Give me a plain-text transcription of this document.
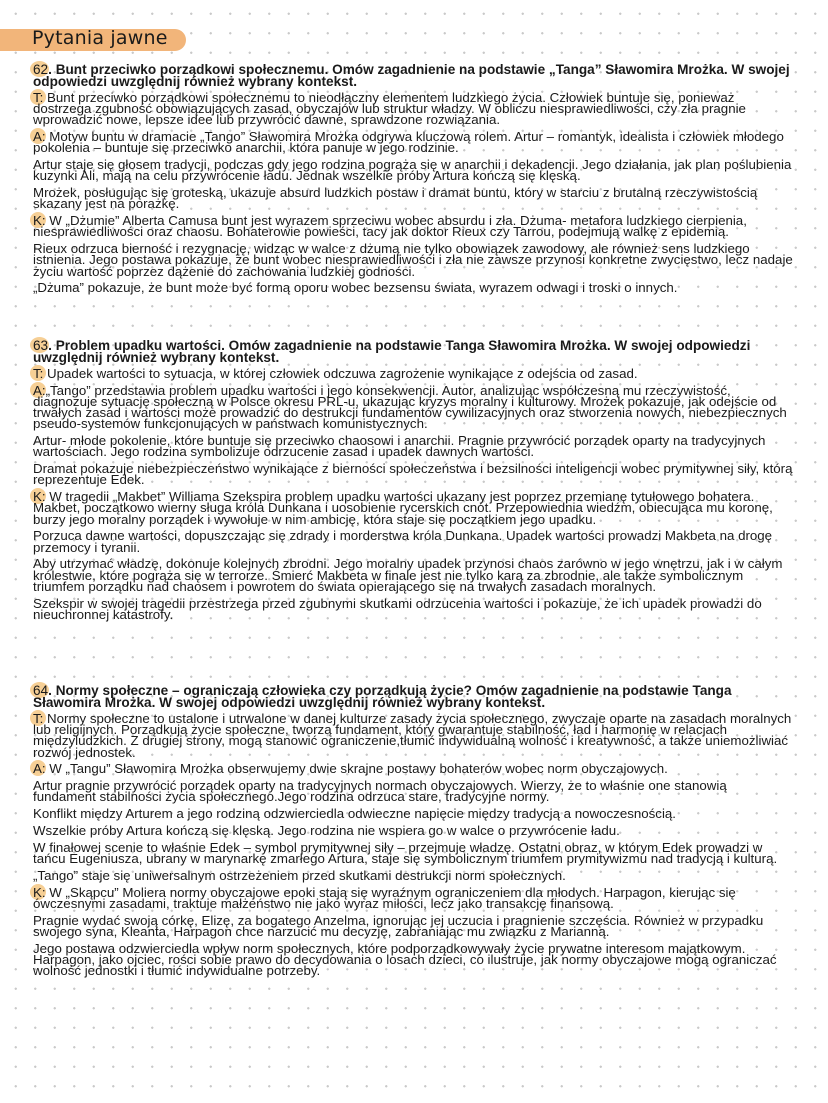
Pytania jawne

62. Bunt przeciwko porządkowi społecznemu. Omów zagadnienie na podstawie „Tanga” Sławomira Mrożka. W swojej odpowiedzi uwzględnij również wybrany kontekst.

T: Bunt przeciwko porządkowi społecznemu to nieodłączny elementem ludzkiego życia. Człowiek buntuje się, ponieważ dostrzega zgubność obowiązujących zasad, obyczajów lub struktur władzy. W obliczu niesprawiedliwości, czy zła pragnie wprowadzić nowe, lepsze idee lub przywrócić dawne, sprawdzone rozwiązania.

A: Motyw buntu w dramacie „Tango” Sławomira Mrożka odgrywa kluczową rolem. Artur – romantyk, idealista i człowiek młodego pokolenia – buntuje się przeciwko anarchii, która panuje w jego rodzinie.

Artur staje się głosem tradycji, podczas gdy jego rodzina pogrąża się w anarchii i dekadencji. Jego działania, jak plan poślubienia kuzynki Ali, mają na celu przywrócenie ładu. Jednak wszelkie próby Artura kończą się klęską.

Mrożek, posługując się groteską, ukazuje absurd ludzkich postaw i dramat buntu, który w starciu z brutalną rzeczywistością skazany jest na porażkę.

K: W „Dżumie” Alberta Camusa bunt jest wyrazem sprzeciwu wobec absurdu i zła. Dżuma- metafora ludzkiego cierpienia, niesprawiedliwości oraz chaosu. Bohaterowie powieści, tacy jak doktor Rieux czy Tarrou, podejmują walkę z epidemią.

Rieux odrzuca bierność i rezygnację, widząc w walce z dżumą nie tylko obowiązek zawodowy, ale również sens ludzkiego istnienia. Jego postawa pokazuje, że bunt wobec niesprawiedliwości i zła nie zawsze przynosi konkretne zwycięstwo, lecz nadaje życiu wartość poprzez dążenie do zachowania ludzkiej godności.

„Dżuma” pokazuje, że bunt może być formą oporu wobec bezsensu świata, wyrazem odwagi i troski o innych.

63. Problem upadku wartości. Omów zagadnienie na podstawie Tanga Sławomira Mrożka. W swojej odpowiedzi uwzględnij również wybrany kontekst.

T: Upadek wartości to sytuacja, w której człowiek odczuwa zagrożenie wynikające z odejścia od zasad.

A:„Tango” przedstawia problem upadku wartości i jego konsekwencji. Autor, analizując współczesną mu rzeczywistość, diagnozuje sytuację społeczną w Polsce okresu PRL-u, ukazując kryzys moralny i kulturowy. Mrożek pokazuje, jak odejście od trwałych zasad i wartości może prowadzić do destrukcji fundamentów cywilizacyjnych oraz stworzenia nowych, niebezpiecznych pseudo-systemów funkcjonujących w państwach komunistycznych.

Artur- młode pokolenie, które buntuje się przeciwko chaosowi i anarchii. Pragnie przywrócić porządek oparty na tradycyjnych wartościach. Jego rodzina symbolizuje odrzucenie zasad i upadek dawnych wartości.

Dramat pokazuje niebezpieczeństwo wynikające z bierności społeczeństwa i bezsilności inteligencji wobec prymitywnej siły, którą reprezentuje Edek.

K: W tragedii „Makbet” Williama Szekspira problem upadku wartości ukazany jest poprzez przemianę tytułowego bohatera. Makbet, początkowo wierny sługa króla Dunkana i uosobienie rycerskich cnót. Przepowiednia wiedźm, obiecująca mu koronę, burzy jego moralny porządek i wywołuje w nim ambicję, która staje się początkiem jego upadku.

Porzuca dawne wartości, dopuszczając się zdrady i morderstwa króla Dunkana. Upadek wartości prowadzi Makbeta na drogę przemocy i tyranii.

Aby utrzymać władzę, dokonuje kolejnych zbrodni. Jego moralny upadek przynosi chaos zarówno w jego wnętrzu, jak i w całym królestwie, które pogrąża się w terrorze. Śmierć Makbeta w finale jest nie tylko karą za zbrodnie, ale także symbolicznym triumfem porządku nad chaosem i powrotem do świata opierającego się na trwałych zasadach moralnych.

Szekspir w swojej tragedii przestrzega przed zgubnymi skutkami odrzucenia wartości i pokazuje, że ich upadek prowadzi do nieuchronnej katastrofy.

64. Normy społeczne – ograniczają człowieka czy porządkują życie? Omów zagadnienie na podstawie Tanga Sławomira Mrożka. W swojej odpowiedzi uwzględnij również wybrany kontekst.

T: Normy społeczne to ustalone i utrwalone w danej kulturze zasady życia społecznego, zwyczaje oparte na zasadach moralnych lub religijnych. Porządkują życie społeczne, tworzą fundament, który gwarantuje stabilność, ład i harmonię w relacjach międzyludzkich. Z drugiej strony, mogą stanowić ograniczenie,tłumić indywidualną wolność i kreatywność, a także uniemożliwiać rozwój jednostek.

A: W „Tangu” Sławomira Mrożka obserwujemy dwie skrajne postawy bohaterów wobec norm obyczajowych.

Artur pragnie przywrócić porządek oparty na tradycyjnych normach obyczajowych. Wierzy, że to właśnie one stanowią fundament stabilności życia społecznego.Jego rodzina odrzuca stare, tradycyjne normy.

Konflikt między Arturem a jego rodziną odzwierciedla odwieczne napięcie między tradycją a nowoczesnością.

Wszelkie próby Artura kończą się klęską. Jego rodzina nie wspiera go w walce o przywrócenie ładu.

W finałowej scenie to właśnie Edek – symbol prymitywnej siły – przejmuje władzę. Ostatni obraz, w którym Edek prowadzi w tańcu Eugeniusza, ubrany w marynarkę zmarłego Artura, staje się symbolicznym triumfem prymitywizmu nad tradycją i kulturą.

„Tango” staje się uniwersalnym ostrzeżeniem przed skutkami destrukcji norm społecznych.

K: W „Skąpcu” Moliera normy obyczajowe epoki stają się wyraźnym ograniczeniem dla młodych. Harpagon, kierując się ówczesnymi zasadami, traktuje małżeństwo nie jako wyraz miłości, lecz jako transakcję finansową.

Pragnie wydać swoją córkę, Elizę, za bogatego Anzelma, ignorując jej uczucia i pragnienie szczęścia. Również w przypadku swojego syna, Kleanta, Harpagon chce narzucić mu decyzję, zabraniając mu związku z Marianną.

Jego postawa odzwierciedla wpływ norm społecznych, które podporządkowywały życie prywatne interesom majątkowym. Harpagon, jako ojciec, rości sobie prawo do decydowania o losach dzieci, co ilustruje, jak normy obyczajowe mogą ograniczać wolność jednostki i tłumić indywidualne potrzeby.
